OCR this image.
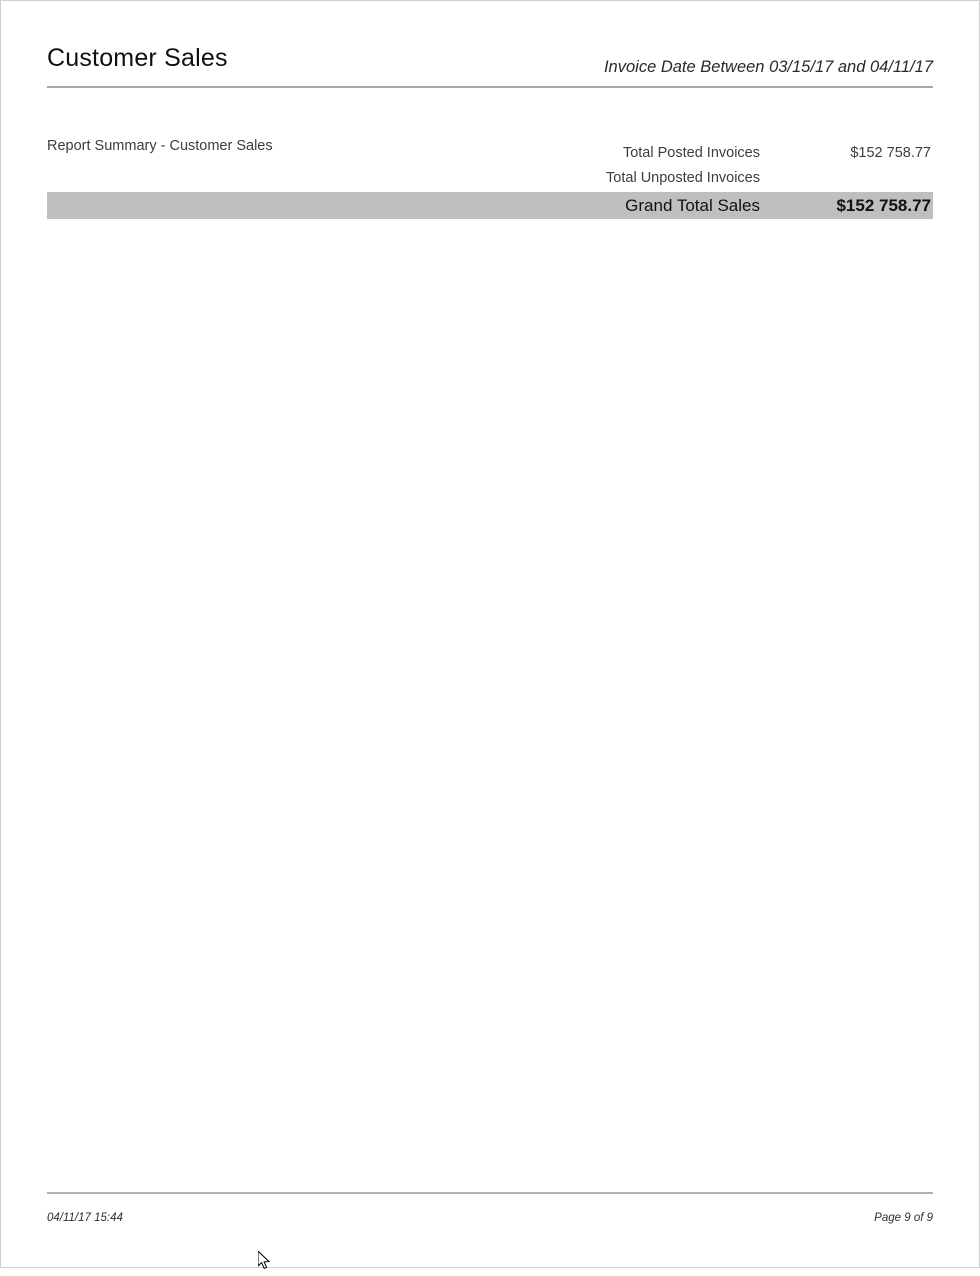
Customer Sales	Invoice Date Between 03/15/17 and 04/11/17
Report Summary - Customer Sales	Total Posted Invoices	$152 758.77
Total Unposted Invoices
Grand Total Sales	$152 758.77
04/11/17 15:44	Page 9 of 9
